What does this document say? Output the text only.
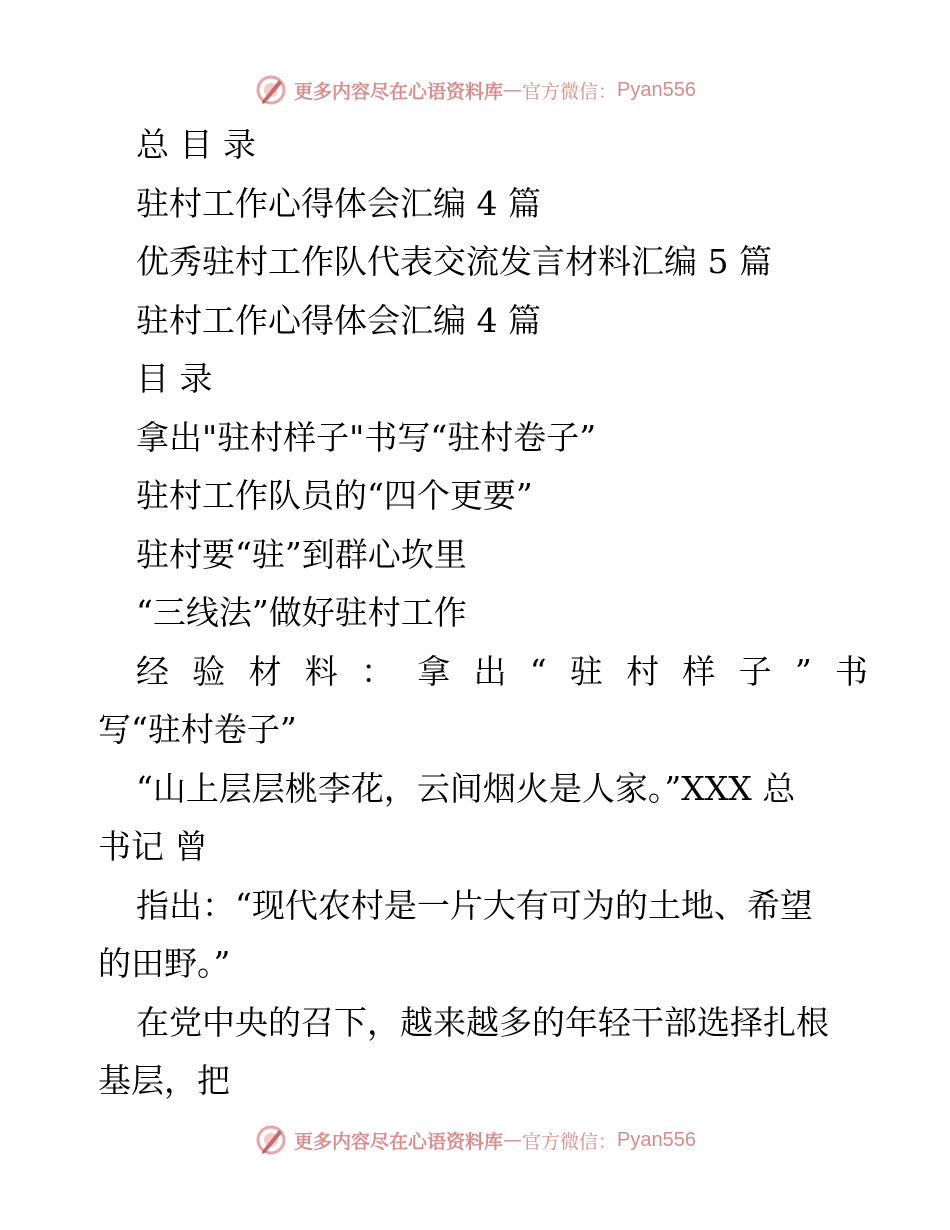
更多内容尽在心语资料库 — 官方微信： Pyan556
总 目 录
驻村工作心得体会汇编 4 篇
优秀驻村工作队代表交流发言材料汇编 5 篇
驻村工作心得体会汇编 4 篇
目 录
拿出"驻村样子"书写“驻村卷子”
驻村工作队员的“四个更要”
驻村要“驻”到群心坎里
“三线法”做好驻村工作
经验材料：拿出“驻村样子”书
写“驻村卷子”
“山上层层桃李花，云间烟火是人家。”XXX 总
书记 曾
指出：“现代农村是一片大有可为的土地、希望
的田野。”
在党中央的召下，越来越多的年轻干部选择扎根
基层，把
更多内容尽在心语资料库 — 官方微信： Pyan556
